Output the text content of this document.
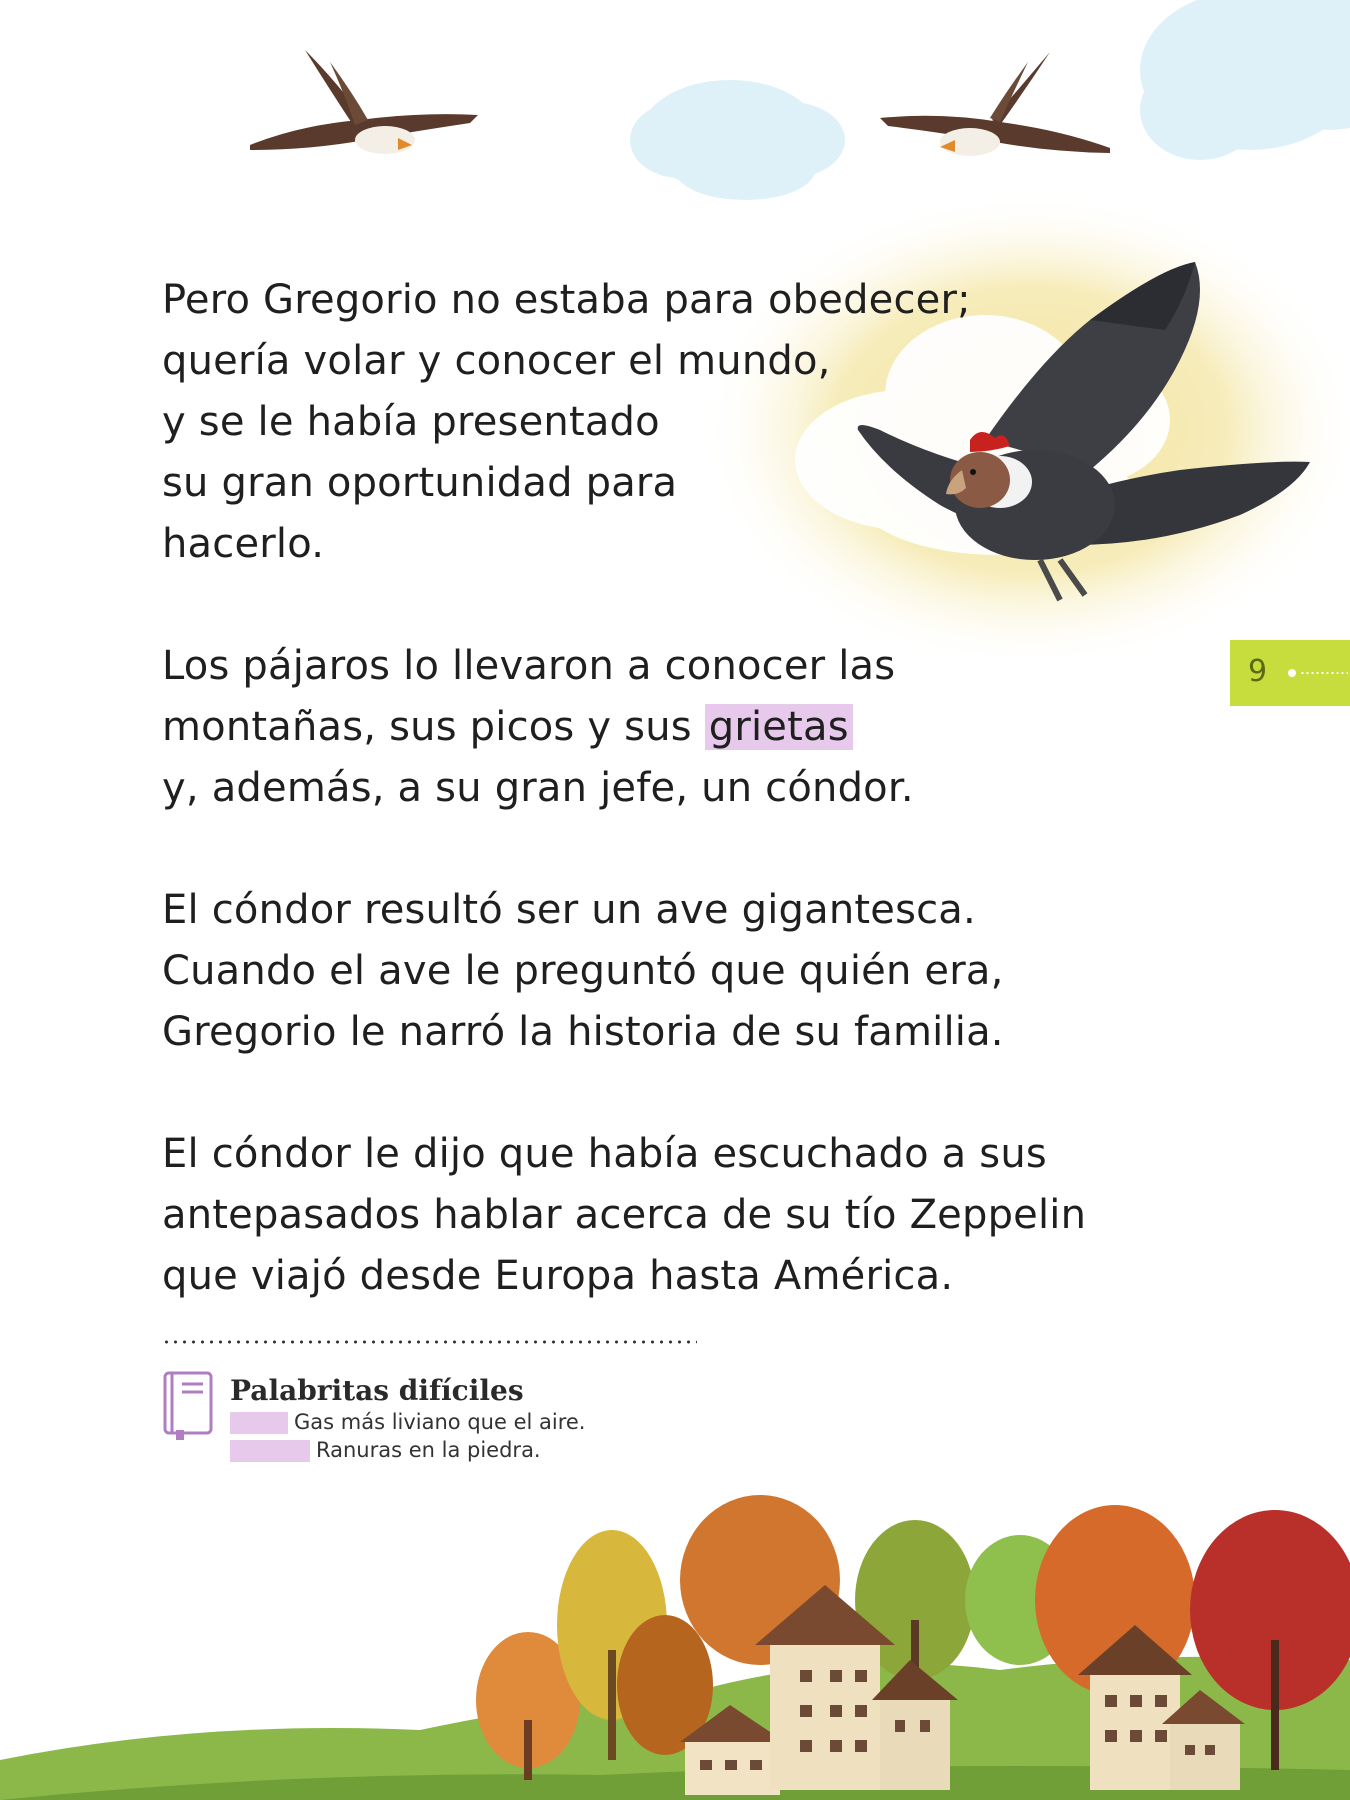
Pero Gregorio no estaba para obedecer;
quería volar y conocer el mundo,
y se le había presentado
su gran oportunidad para
hacerlo.
Los pájaros lo llevaron a conocer las
montañas, sus picos y sus grietas
y, además, a su gran jefe, un cóndor.
El cóndor resultó ser un ave gigantesca.
Cuando el ave le preguntó que quién era,
Gregorio le narró la historia de su familia.
El cóndor le dijo que había escuchado a sus
antepasados hablar acerca de su tío Zeppelin
que viajó desde Europa hasta América.
Palabritas difíciles
Gas más liviano que el aire.
Ranuras en la piedra.
9
